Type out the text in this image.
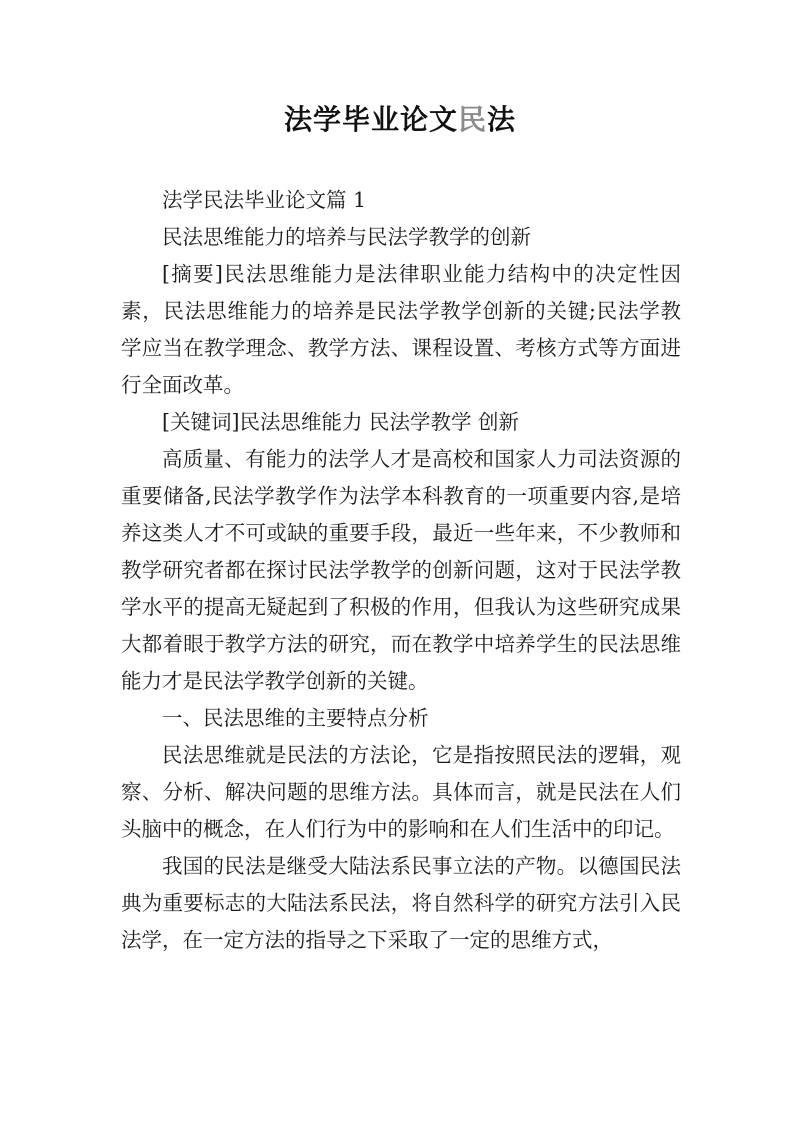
法学毕业论文民法

法学民法毕业论文篇 1

民法思维能力的培养与民法学教学的创新

[摘要]民法思维能力是法律职业能力结构中的决定性因素，民法思维能力的培养是民法学教学创新的关键;民法学教学应当在教学理念、教学方法、课程设置、考核方式等方面进行全面改革。

[关键词]民法思维能力 民法学教学 创新

高质量、有能力的法学人才是高校和国家人力司法资源的重要储备,民法学教学作为法学本科教育的一项重要内容,是培养这类人才不可或缺的重要手段，最近一些年来，不少教师和教学研究者都在探讨民法学教学的创新问题，这对于民法学教学水平的提高无疑起到了积极的作用，但我认为这些研究成果大都着眼于教学方法的研究，而在教学中培养学生的民法思维能力才是民法学教学创新的关键。

一、民法思维的主要特点分析

民法思维就是民法的方法论，它是指按照民法的逻辑，观察、分析、解决问题的思维方法。具体而言，就是民法在人们头脑中的概念，在人们行为中的影响和在人们生活中的印记。

我国的民法是继受大陆法系民事立法的产物。以德国民法典为重要标志的大陆法系民法，将自然科学的研究方法引入民法学，在一定方法的指导之下采取了一定的思维方式，
